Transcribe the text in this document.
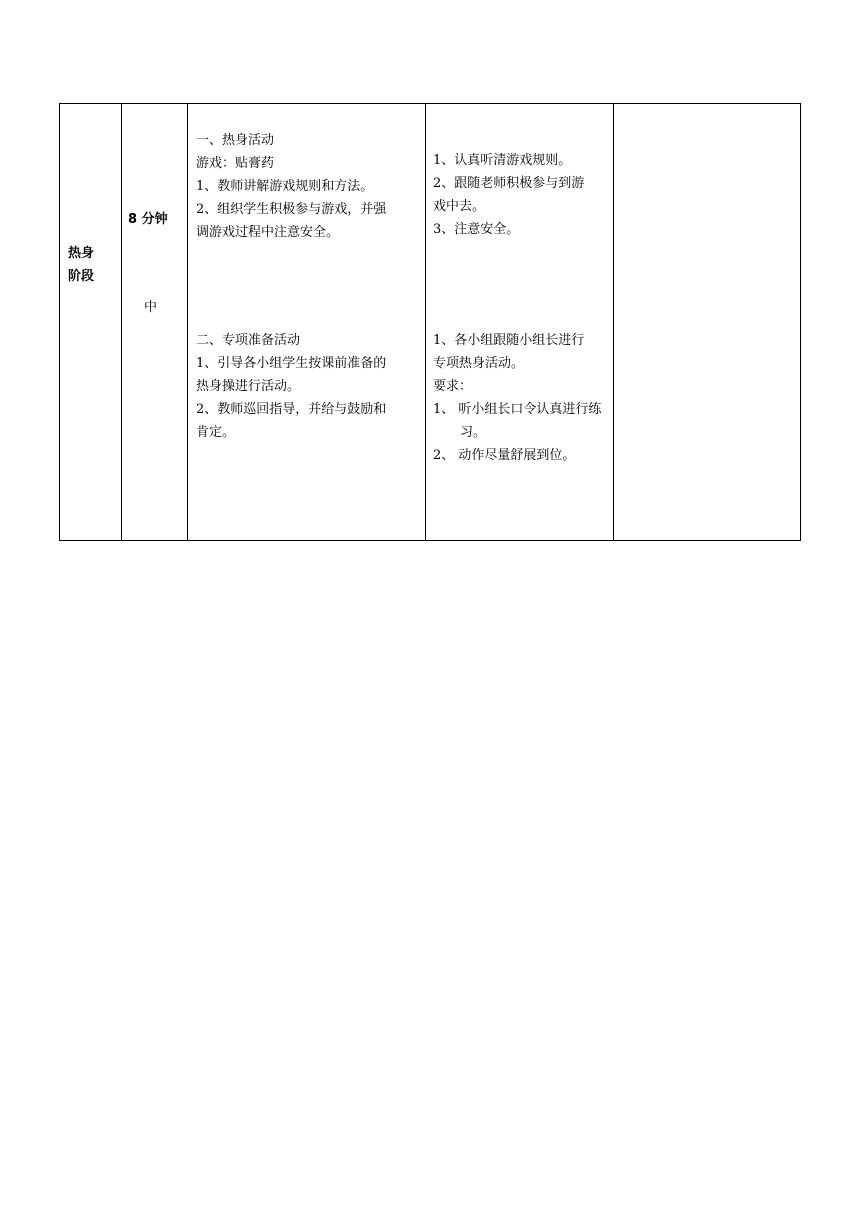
热身
阶段
8 分钟
中

一、热身活动

游戏：贴膏药

1、教师讲解游戏规则和方法。

2、组织学生积极参与游戏，并强

调游戏过程中注意安全。

二、专项准备活动

1、引导各小组学生按课前准备的

热身操进行活动。

2、教师巡回指导，并给与鼓励和

肯定。

1、认真听清游戏规则。

2、跟随老师积极参与到游

戏中去。

3、注意安全。

1、各小组跟随小组长进行

专项热身活动。

要求：

1、 听小组长口令认真进行练习。

2、 动作尽量舒展到位。
